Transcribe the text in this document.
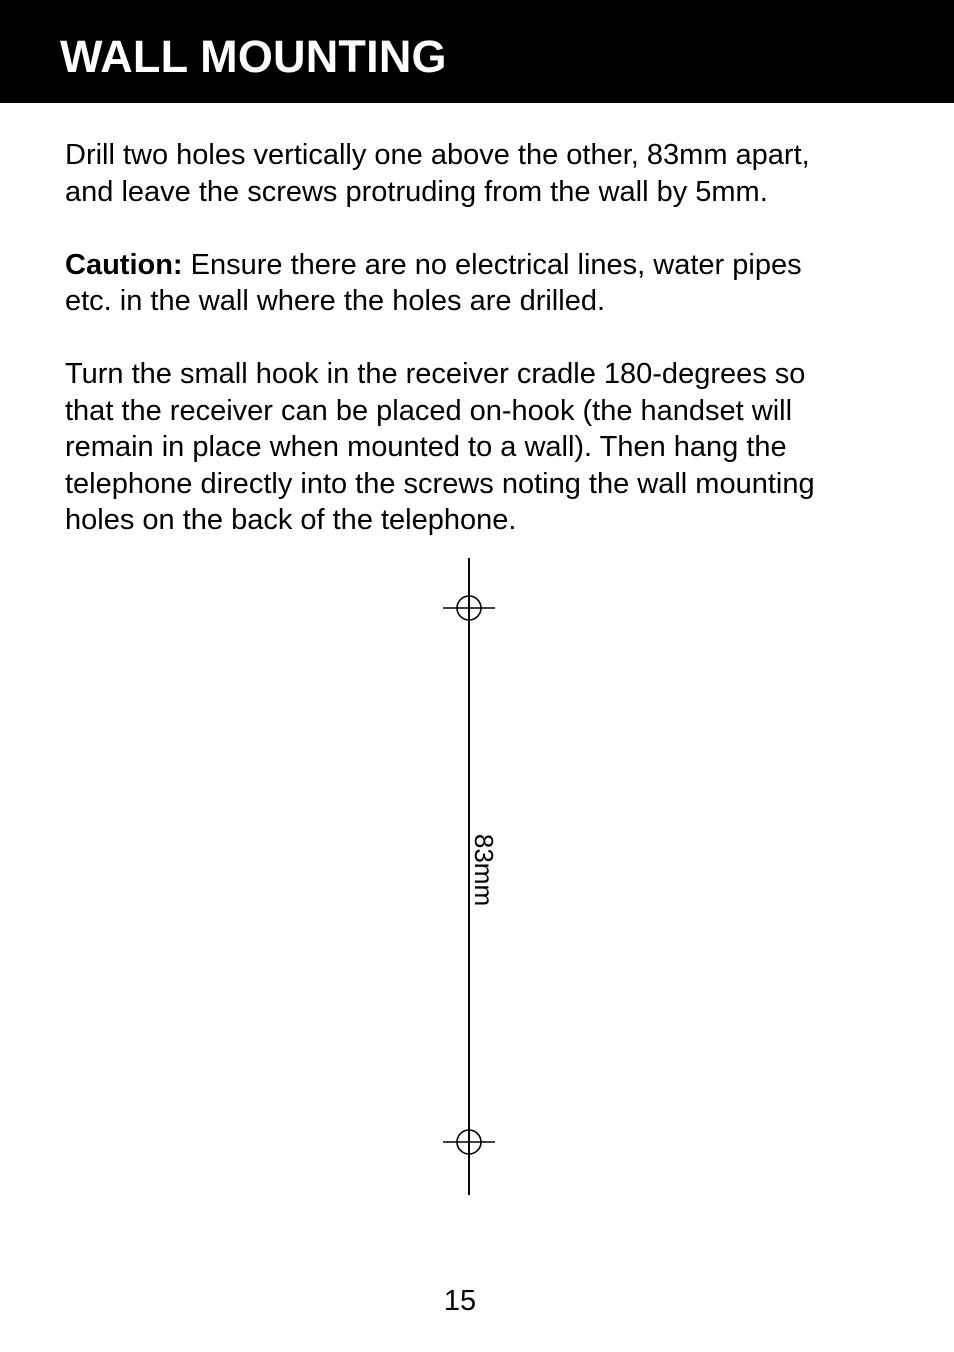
WALL MOUNTING

Drill two holes vertically one above the other, 83mm apart,
and leave the screws protruding from the wall by 5mm.

Caution: Ensure there are no electrical lines, water pipes
etc. in the wall where the holes are drilled.

Turn the small hook in the receiver cradle 180-degrees so
that the receiver can be placed on-hook (the handset will
remain in place when mounted to a wall). Then hang the
telephone directly into the screws noting the wall mounting
holes on the back of the telephone.

83mm
15
